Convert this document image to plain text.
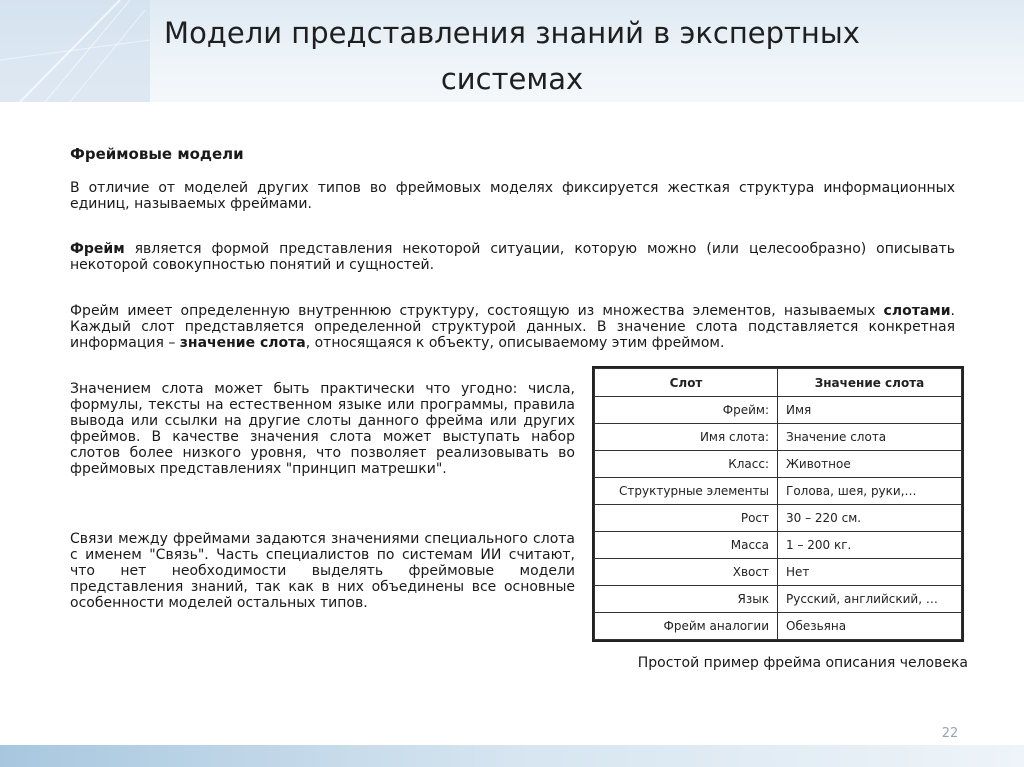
Модели представления знаний в экспертных
системах
Фреймовые модели
В отличие от моделей других типов во фреймовых моделях фиксируется жесткая структура информационных единиц, называемых фреймами.
Фрейм является формой представления некоторой ситуации, которую можно (или целесообразно) описывать некоторой совокупностью понятий и сущностей.
Фрейм имеет определенную внутреннюю структуру, состоящую из множества элементов, называемых слотами. Каждый слот представляется определенной структурой данных. В значение слота подставляется конкретная информация – значение слота, относящаяся к объекту, описываемому этим фреймом.
Значением слота может быть практически что угодно: числа, формулы, тексты на естественном языке или программы, правила вывода или ссылки на другие слоты данного фрейма или других фреймов. В качестве значения слота может выступать набор слотов более низкого уровня, что позволяет реализовывать во фреймовых представлениях "принцип матрешки".
Связи между фреймами задаются значениями специального слота с именем "Связь". Часть специалистов по системам ИИ считают, что нет необходимости выделять фреймовые модели представления знаний, так как в них объединены все основные особенности моделей остальных типов.
Слот	Значение слота
Фрейм:	Имя
Имя слота:	Значение слота
Класс:	Животное
Структурные элементы	Голова, шея, руки,…
Рост	30 – 220 см.
Масса	1 – 200 кг.
Хвост	Нет
Язык	Русский, английский, …
Фрейм аналогии	Обезьяна
Простой пример фрейма описания человека
22
